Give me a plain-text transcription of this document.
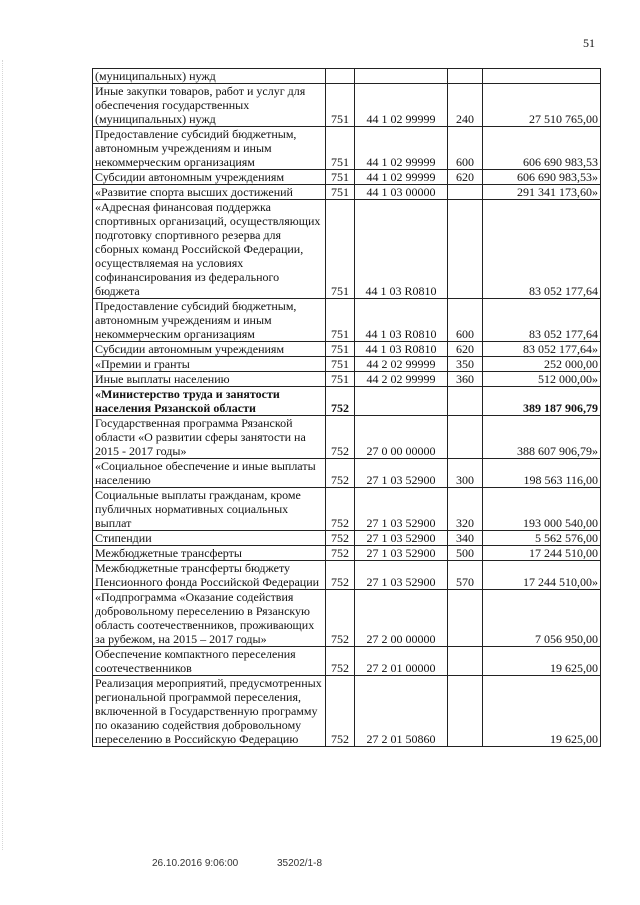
51
(муниципальных) нужд				
Иные закупки товаров, работ и услуг для обеспечения государственных (муниципальных) нужд	751	44 1 02 99999	240	27 510 765,00
Предоставление субсидий бюджетным, автономным учреждениям и иным некоммерческим организациям	751	44 1 02 99999	600	606 690 983,53
Субсидии автономным учреждениям	751	44 1 02 99999	620	606 690 983,53»
«Развитие спорта высших достижений	751	44 1 03 00000		291 341 173,60»
«Адресная финансовая поддержка спортивных организаций, осуществляющих подготовку спортивного резерва для сборных команд Российской Федерации, осуществляемая на условиях софинансирования из федерального бюджета	751	44 1 03 R0810		83 052 177,64
Предоставление субсидий бюджетным, автономным учреждениям и иным некоммерческим организациям	751	44 1 03 R0810	600	83 052 177,64
Субсидии автономным учреждениям	751	44 1 03 R0810	620	83 052 177,64»
«Премии и гранты	751	44 2 02 99999	350	252 000,00
Иные выплаты населению	751	44 2 02 99999	360	512 000,00»
«Министерство труда и занятости населения Рязанской области	752			389 187 906,79
Государственная программа Рязанской области «О развитии сферы занятости на 2015 - 2017 годы»	752	27 0 00 00000		388 607 906,79»
«Социальное обеспечение и иные выплаты населению	752	27 1 03 52900	300	198 563 116,00
Социальные выплаты гражданам, кроме публичных нормативных социальных выплат	752	27 1 03 52900	320	193 000 540,00
Стипендии	752	27 1 03 52900	340	5 562 576,00
Межбюджетные трансферты	752	27 1 03 52900	500	17 244 510,00
Межбюджетные трансферты бюджету Пенсионного фонда Российской Федерации	752	27 1 03 52900	570	17 244 510,00»
«Подпрограмма «Оказание содействия добровольному переселению в Рязанскую область соотечественников, проживающих за рубежом, на 2015 – 2017 годы»	752	27 2 00 00000		7 056 950,00
Обеспечение компактного переселения соотечественников	752	27 2 01 00000		19 625,00
Реализация мероприятий, предусмотренных региональной программой переселения, включенной в Государственную программу по оказанию содействия добровольному переселению в Российскую Федерацию	752	27 2 01 50860		19 625,00
26.10.2016 9:06:00	35202/1-8
